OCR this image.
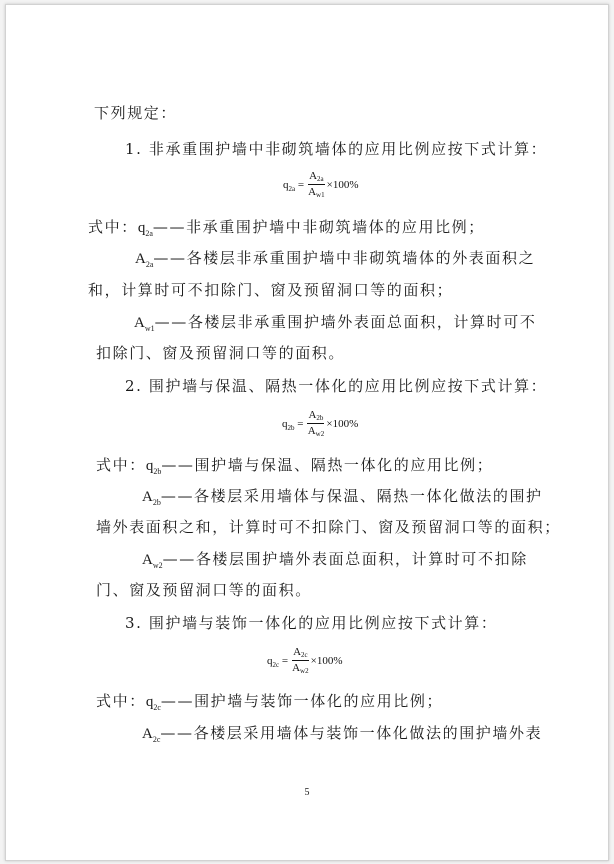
下列规定：
1. 非承重围护墙中非砌筑墙体的应用比例应按下式计算：
$q_{2a} = \frac{A2a}{Aw1} \times 100\%$
式中：$q_{2a}——$非承重围护墙中非砌筑墙体的应用比例；
$A_{2a}——$各楼层非承重围护墙中非砌筑墙体的外表面积之
和，计算时可不扣除门、窗及预留洞口等的面积；
$A_{w1}——$各楼层非承重围护墙外表面总面积，计算时可不
扣除门、窗及预留洞口等的面积。
2. 围护墙与保温、隔热一体化的应用比例应按下式计算：
$q_{2b} = \frac{A2b}{Aw2} \times 100\%$
式中：$q_{2b}——$围护墙与保温、隔热一体化的应用比例；
$A_{2b}——$各楼层采用墙体与保温、隔热一体化做法的围护
墙外表面积之和，计算时可不扣除门、窗及预留洞口等的面积；
$A_{w2}——$各楼层围护墙外表面总面积，计算时可不扣除
门、窗及预留洞口等的面积。
3. 围护墙与装饰一体化的应用比例应按下式计算：
$q_{2c} = \frac{A2c}{Aw2} \times 100\%$
式中：$q_{2c}——$围护墙与装饰一体化的应用比例；
$A_{2c}——$各楼层采用墙体与装饰一体化做法的围护墙外表
5
